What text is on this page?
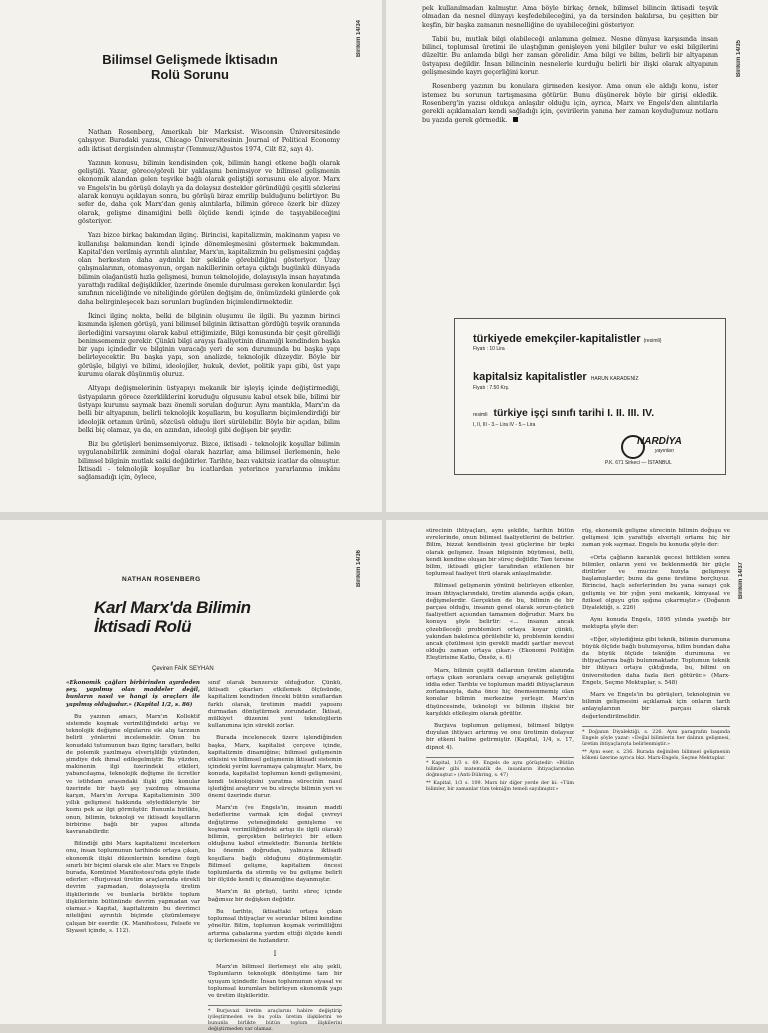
Birikim 14/34
Bilimsel Gelişmede İktisadın Rolü Sorunu

Nathan Rosenberg, Amerikalı bir Marksist. Wisconsin Üniversitesinde çalışıyor. Buradaki yazısı, Chicago Üniversitesinin Journal of Political Economy adlı iktisat dergisinden alınmıştır (Temmuz/Ağustos 1974, Cilt 82, sayı 4).

Yazının konusu, bilimin kendisinden çok, bilimin hangi etkene bağlı olarak geliştiği. Yazar, görece/göreli bir yaklaşımı benimsiyor ve bilimsel gelişmenin ekonomik alandan gelen teşvike bağlı olarak geliştiği sorusunu ele alıyor. Marx ve Engels'in bu görüşü dolaylı ya da dolaysız destekler göründüğü çeşitli sözlerini alarak konuyu açıklayan sonra, bu görüşü biraz emrilip bulduğunu belirtiyor. Bu sefer de, daha çok Marx'dan geniş alıntılarla, bilimin görece özerk bir düzey olarak, gelişme dinamiğini belli ölçüde kendi içinde de taşıyabileceğini gösteriyor.

Yazı bizce birkaç bakımdan ilginç. Birincisi, kapitalizmin, makinanın yapısı ve kullanılışı bakımından kendi içinde dönemleşmesini göstermek bakımından. Kapital'den verilmiş ayrıntılı alıntılar, Marx'ın, kapitalizmin bu gelişmesini çağdaş olan herkesten daha aydınlık bir şekilde görebildiğini gösteriyor. Uzay çalışmalarının, otomasyonun, organ nakillerinin ortaya çıktığı bugünkü dünyada bilimin olağanüstü hızla gelişmesi, bunun teknolojide, dolayısıyla insan hayatında yarattığı radikal değişiklikler, üzerinde önemle durulması gereken konulardır. İşçi sınıfının niceliğinde ve niteliğinde görülen değişim de, önümüzdeki günlerde çok daha belirginleşecek bazı sorunları bugünden biçimlendirmektedir.

İkinci ilginç nokta, belki de bilginin oluşumu ile ilgili. Bu yazının birinci kısmında işlenen görüşü, yani bilimsel bilginin iktisattan gördüğü teşvik oranında ilerlediğini varsayımı olarak kabul ettiğimizde, Bilgi konusunda bir çeşit görelliği benimsememiz gerekir. Çünkü bilgi arayışı faaliyetinin dinamiği kendinden başka bir yapı içindedir ve bilginin varacağı yeri de son durumunda bu başka yapı belirleyecektir. Bu başka yapı, son analizde, teknolojik düzeydir. Böyle bir görüşle, bilgiyi ve bilimi, ideolojiler, hukuk, devlet, politik yapı gibi, üst yapı kurumu olarak düşünmüş oluruz.

Altyapı değişmelerinin üstyapıyı mekanik bir işleyiş içinde değiştirmediği, üstyapıların görece özerkliklerini koruduğu olgusunu kabul etsek bile, bilimi bir üstyapı kurumu saymak bazı önemli sorulan doğurur. Aynı mantıkla, Marx'ın da belli bir altyapının, belirli teknolojik koşulların, bu koşulların biçimlendirdiği bir ideolojik ortamın ürünü, sözcüsü olduğu ileri sürülebilir. Böyle bir açıdan, bilim belki biç olamaz, ya da, en azından, ideoloji gibi değişen bir şeydir.

Biz bu görüşleri benimsemiyoruz. Bizce, iktisadi - teknolojik koşullar bilimin uygulanabilirlik zeminini doğal olarak hazırlar, ama bilimsel ilerlemenin, hele bilimsel bilginin mutlak saiki değildirler. Tarihte, bazı vakitsiz icatlar da olmuştur. İktisadi - teknolojik koşullar bu icatlardan yeterince yararlanma imkânı sağlamadığı için, öylece,

Birikim 14/35

pek kullanılmadan kalmıştır. Ama böyle birkaç örnek, bilimsel bilincin iktisadi teşvik olmadan da nesnel dünyayı keşfedebileceğini, ya da tersinden bakılırsa, bu çeşitten bir keşfin, bir başka zamanın nesnelliğine de uyabileceğini gösteriyor.

Tabii bu, mutlak bilgi olabileceği anlamına gelmez. Nesne dünyası karşısında insan bilinci, toplumsal üretimi ile ulaştığının genişleyen yeni bilgiler bulur ve eski bilgilerini düzeltir. Bu anlamda bilgi her zaman görelidir. Ama bilgi ve bilim, belirli bir altyapının üstyapısı değildir. İnsan bilincinin nesnelerle kurduğu belirli bir ilişki olarak altyapının gelişmesinde kayrı geçerliğini korur.

Rosenberg yazının bu konulara girmeden kesiyor. Ama onun ele aldığı konu, ister istemez bu sorunun tartışmasına götürür. Bunu düşünerek böyle bir girişi ekledik. Rosenberg'in yazısı oldukça anlaşılır olduğu için, ayrıca, Marx ve Engels'den alıntılarla gerekli açıklamaları kendi sağladığı için, çevirilerin yanına her zaman koyduğumuz notlara bu yazıda gerek görmedik.

türkiyede emekçiler-kapitalistler (resimli)
Fiyatı : 10 Lira
kapitalsiz kapitalistler HARUN KARADENİZ
Fiyatı : 7.50 Krş.
resimli türkiye işçi sınıfı tarihi I. II. III. IV.
I, II, III - 3.– Lira IV - 5.– Lira
NARDİYA
yayınları
P.K. 671 Sirkeci — İSTANBUL
NATHAN ROSENBERG	Birikim 14/36
Karl Marx'da Bilimin İktisadi Rolü
Çeviren FAİK SEYHAN

«Ekonomik çağları birbirinden ayırdeden şey, yapılmış olan maddeler değil, bunların nasıl ve hangi iş araçları ile yapılmış olduğudur.» (Kapital 1/2, s. 86)

Bu yazının amacı, Marx'ın Kollektif sistemde koşmak verimliliğindeki artışı ve teknolojik değişme olgularını ele alış tarzının belirli yönlerini incelemektir. Onun bu konudaki tutumunun bazı ilginç tarafları, belki de polemik yazılmaya elverişliliği yüzünden, şimdiye dek ihmal edilegelmiştir. Bu yüzden, makinenin ilgi üzerindeki etkileri, yabancılaşma, teknolojik değişme ile ücretler ve istihdam arasındaki ilişki gibi konular üzerinde bir hayli şey yazılmış olmasına karşın, Marx'ın Avrupa Kapitalizminin 300 yıllık gelişmesi hakkında söyledikleriyle bir kısmı pek az ilgi görmüştür. Bununla birlikte, onun, bilimin, teknoloji ve iktisadi koşulların birbirine bağlı bir yapısı altında kavranabilirdir.

Bilindiği gibi Marx kapitalizmi incelerken onu, insan toplumunun tarihinde ortaya çıkan, ekonomik ilişki düzenlerinin kendine özgü sınırlı bir biçimi olarak ele alır. Marx ve Engels burada, Komünist Manifestosu'nda göyle ifade ederler: «Burjuvazi üretim araçlarında sürekli devrim yapmadan, dolayısıyla üretim ilişkilerinde ve bunlarla birlikte toplum ilişkilerinin bütününde devrim yapmadan var olamaz.» Kapital, kapitalizmin bu devrimci niteliğini ayrıntılı biçimde çözümlemeye çalışan bir eserdir. (K. Manifestosu, Felsefe ve Siyaset içinde, s. 112).

sınıf olarak benzersiz olduğudur. Çünkü, iktisadi çıkarları etkilemek ölçüsünde, kapitalizm kendinden önceki bütün sınıflardan farklı olarak, üretimin maddi yapısını durmadan dönüştürmek zorundadır. İktisat, mülkiyet düzenini yeni teknolojilerin kullanımına için sürekli zorlar.

Burada incelenecek üzere işlendiğinden başka, Marx, kapitalist çerçeve içinde, kapitalizmin dinamiğine; bilimsel gelişmenin etkisini ve bilimsel gelişmenin iktisadi sistemin içindeki yerini kavramaya çalışmıştır. Marx, bu konuda, kapitalist toplumun kendi gelişmesini, kendi teknolojisini yaratma sürecinin nasıl işlediğini araştırır ve bu süreçte bilimin yeri ve önemi üzerinde durur.

Marx'ın (ve Engels'in, insanın maddi hedeflerine varmak için doğal çevreyi değiştirme yeteneğindeki genişleme ve koşmak verimliliğindeki artışı ile ilgili olarak) bilimin, gerçekten belirleyici bir etken olduğunu kabul etmektedir. Bununla birlikte bu önemin doğrudan, yalnızca iktisadi koşullara bağlı olduğunu düşünmemiştir. Bilimsel gelişme, kapitalizm öncesi toplumlarda da sürmüş ve bu gelişme belirli bir ölçüde kendi iç dinamiğine dayanmıştır.

Marx'ın iki görüşü, tarihi süreç içinde bağımsız bir değişken değildir.

Bu tarihte, iktisattaki ortaya çıkan toplumsal ihtiyaçlar ve sorunlar bilimi kendine yöneltir. Bilim, toplumun koşmak verimliliğini artırma çabalarına yardım ettiği ölçüde kendi iç ilerlemesini de hızlandırır.

I

Marx'ın bilimsel ilerlemeyi ele alış şekli, Toplumların teknolojik dönüşüme tam bir uyuşum içindedir. İnsan toplumunun siyasal ve toplumsal kurumları belirleyen ekonomik yapı ve üretim ilişkileridir.

* Burjuvazi üretim araçlarını habire değiştirip iyileştirmeden ve bu yolla üretim ilişkilerini ve bununla birlikte bütün toplum ilişkilerini değiştirmeden var olamaz.

Birikim 14/37

sürecinin ihtiyaçları, aynı şekilde, tarihin bütün evrelerinde, onun bilimsel faaliyetlerini de belirler. Bilim, bizzat kendisinin iyesi güçlerine bir tepki olarak gelişmez. İnsan bilgisinin büyümesi, belli, kendi kendine oluşan bir süreç değildir. Tam tersine bilim, iktisadi güçler tarafından etkilenen bir toplumsal faaliyet türü olarak anlaşılmalıdır.

Bilimsel gelişmenin yönünü belirleyen etkenler, insan ihtiyaçlarındaki, üretim alanında açığa çıkan, değişmelerdir. Gerçekten de bu, bilimin de bir parçası olduğu, insanın genel olarak sorun-çözücü faaliyetleri açısından tamamen doğrudur. Marx bu konuyu şöyle belirtir: «... insanın ancak çözebileceği problemleri ortaya koyar çünkü, yakından bakılınca görülebilir ki, problemin kendisi ancak çözülmesi için gerekli maddi şartlar mevcut olduğu zaman ortaya çıkar.» (Ekonomi Politiğin Eleştirisine Katkı, Önsöz, s. 6)

Marx, bilimin çeşitli dallarının üretim alanında ortaya çıkan sorunlara cevap arayarak geliştiğini iddia eder. Tarihte ve toplumun maddi ihtiyaçlarının zorlamasıyla, daha önce hiç önemsenmemiş olan konular bilimin merkezine yerleşir. Marx'ın düşüncesinde, teknoloji ve bilimin ilişkisi bir karşılıklı etkileşim olarak görülür.

Burjuva toplumun gelişmesi, bilimsel bilgiye duyulan ihtiyacı artırmış ve onu üretimin dolaysız bir etkeni haline getirmiştir. (Kapital, 1/4, s. 17, dipnot 4).

* Kapital, 1/3 s. 69. Engels de aynı görüştedir: «Bütün bilimler gibi matematik de, insanların ihtiyaçlarından doğmuştur.» (Anti-Dühring, s. 47)

** Kapital, 1/3 s. 109. Marx bir diğer yerde der ki: «Tüm bilimler, bir zamanlar tüm tekniğin temeli sayılmıştır.»

rüş, ekonomik gelişme sürecinin bilimin doğuşu ve gelişmesi için yarattığı elverişli ortamı hiç bir zaman yok saymaz. Engels bu konuda şöyle der:

«Orta çağların karanlık gecesi bittikten sonra bilimler, onların yeni ve beklenmedik bir güçle dirilirler ve mucize hızıyla gelişmeye başlamışlardır; bunu da gene üretime borçluyuz. Birincisi, haçlı seferlerinden bu yana sanayi çok gelişmiş ve bir yığın yeni mekanik, kimyasal ve fiziksel olguyu gün ışığına çıkarmıştır.» (Doğanın Diyalektiği, s. 226)

Aynı konuda Engels, 1895 yılında yazdığı bir mektupta şöyle der:

«Eğer, söylediğiniz gibi teknik, bilimin durumuna büyük ölçüde bağlı bulunuyorsa, bilim bundan daha da büyük ölçüde tekniğin durumuna ve ihtiyaçlarına bağlı bulunmaktadır. Toplumun teknik bir ihtiyacı ortaya çıktığında, bu, bilimi on üniversiteden daha fazla ileri götürür.» (Marx-Engels, Seçme Mektuplar, s. 548)

Marx ve Engels'in bu görüşleri, teknolojinin ve bilimin gelişmesini açıklamak için onların tarih anlayışlarının bir parçası olarak değerlendirilmelidir.

* Doğanın Diyalektiği, s. 226. Aynı paragrafın başında Engels şöyle yazar: «Doğal bilimlerin her dalının gelişmesi, üretim ihtiyaçlarıyla belirlenmiştir.»

** Aynı eser, s. 236. Burada değinilen bilimsel gelişmenin kökeni üzerine ayrıca bkz. Marx-Engels, Seçme Mektuplar.
